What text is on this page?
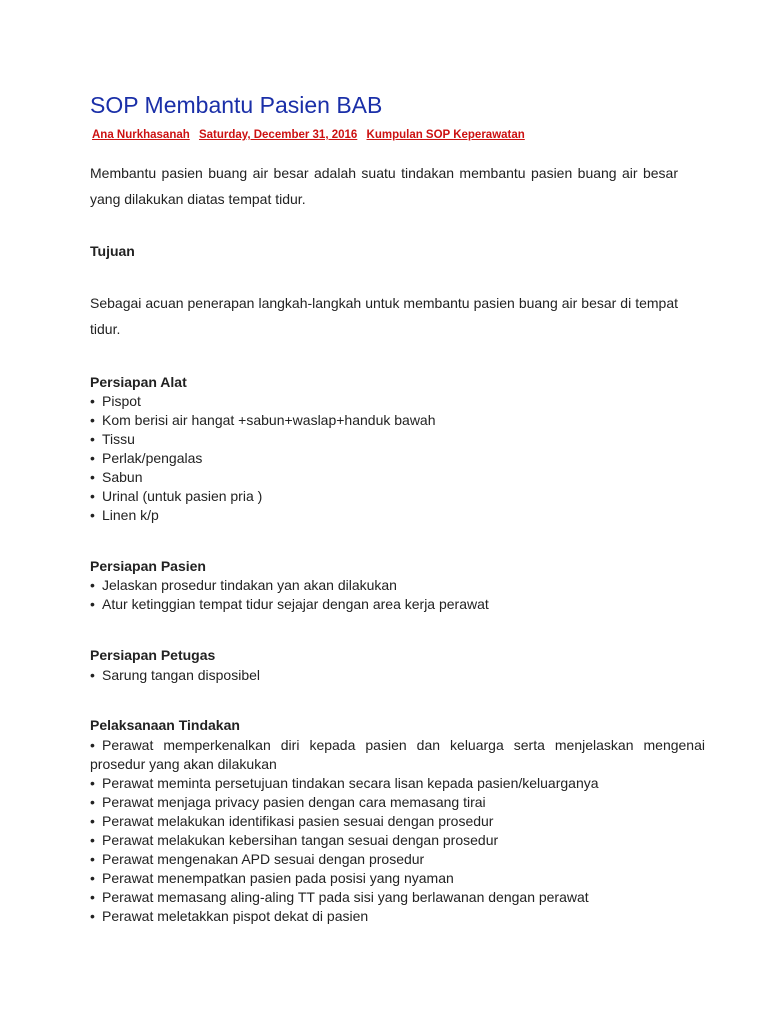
SOP Membantu Pasien BAB
Ana Nurkhasanah Saturday, December 31, 2016 Kumpulan SOP Keperawatan

Membantu pasien buang air besar adalah suatu tindakan membantu pasien buang air besar yang dilakukan diatas tempat tidur.

Tujuan

Sebagai acuan penerapan langkah-langkah untuk membantu pasien buang air besar di tempat tidur.

Persiapan Alat
• Pispot
• Kom berisi air hangat +sabun+waslap+handuk bawah
• Tissu
• Perlak/pengalas
• Sabun
• Urinal (untuk pasien pria )
• Linen k/p
Persiapan Pasien
• Jelaskan prosedur tindakan yan akan dilakukan
• Atur ketinggian tempat tidur sejajar dengan area kerja perawat
Persiapan Petugas
• Sarung tangan disposibel
Pelaksanaan Tindakan
• Perawat memperkenalkan diri kepada pasien dan keluarga serta menjelaskan mengenai prosedur yang akan dilakukan
• Perawat meminta persetujuan tindakan secara lisan kepada pasien/keluarganya
• Perawat menjaga privacy pasien dengan cara memasang tirai
• Perawat melakukan identifikasi pasien sesuai dengan prosedur
• Perawat melakukan kebersihan tangan sesuai dengan prosedur
• Perawat mengenakan APD sesuai dengan prosedur
• Perawat menempatkan pasien pada posisi yang nyaman
• Perawat memasang aling-aling TT pada sisi yang berlawanan dengan perawat
• Perawat meletakkan pispot dekat di pasien
